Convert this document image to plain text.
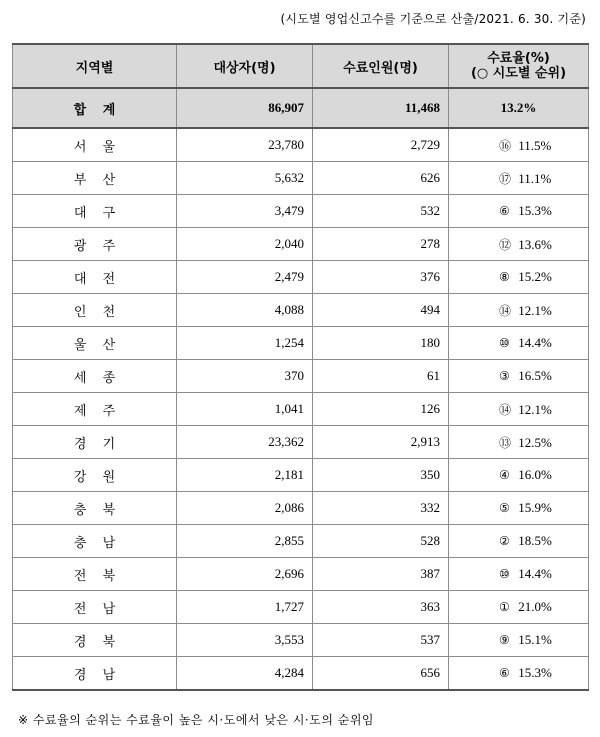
(시도별 영업신고수를 기준으로 산출/2021. 6. 30. 기준)
지역별	대상자(명)	수료인원(명)	수료율(%)
(○ 시도별 순위)

합 계	86,907	11,468	13.2%
서 울	23,780	2,729	⑯ 11.5%
부 산	5,632	626	⑰ 11.1%
대 구	3,479	532	⑥ 15.3%
광 주	2,040	278	⑫ 13.6%
대 전	2,479	376	⑧ 15.2%
인 천	4,088	494	⑭ 12.1%
울 산	1,254	180	⑩ 14.4%
세 종	370	61	③ 16.5%
제 주	1,041	126	⑭ 12.1%
경 기	23,362	2,913	⑬ 12.5%
강 원	2,181	350	④ 16.0%
충 북	2,086	332	⑤ 15.9%
충 남	2,855	528	② 18.5%
전 북	2,696	387	⑩ 14.4%
전 남	1,727	363	① 21.0%
경 북	3,553	537	⑨ 15.1%
경 남	4,284	656	⑥ 15.3%
※ 수료율의 순위는 수료율이 높은 시·도에서 낮은 시·도의 순위임
